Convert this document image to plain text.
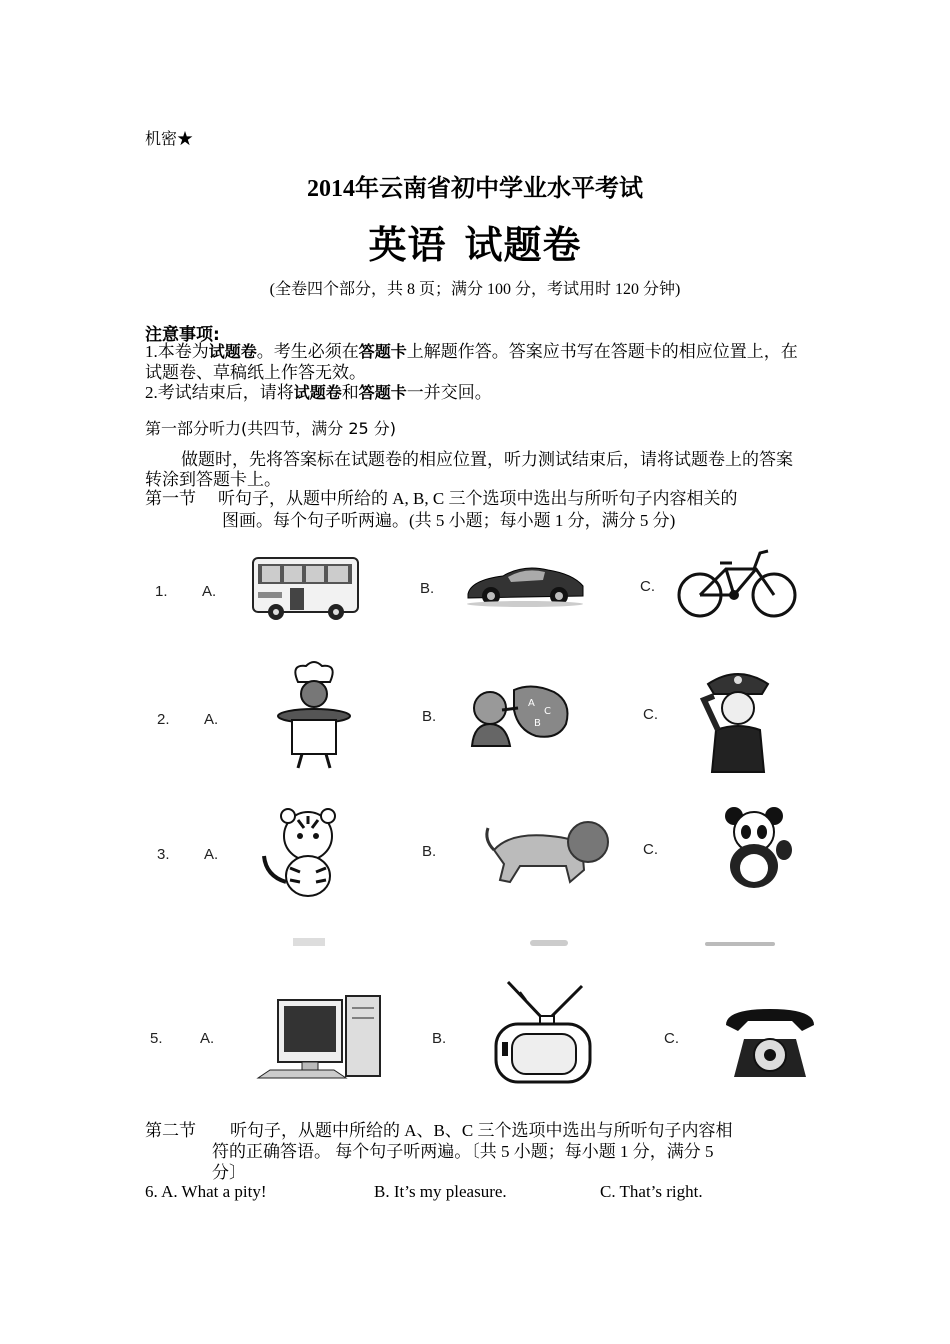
机密★
2014年云南省初中学业水平考试
英语 试题卷
(全卷四个部分，共 8 页；满分 100 分，考试用时 120 分钟)
注意事项:
1.本卷为试题卷。考生必须在答题卡上解题作答。答案应书写在答题卡的相应位置上，在试题卷、草稿纸上作答无效。
2.考试结束后，请将试题卷和答题卡一并交回。
第一部分听力(共四节，满分 25 分)
做题时，先将答案标在试题卷的相应位置，听力测试结束后，请将试题卷上的答案转涂到答题卡上。
第一节 听句子，从题中所给的 A, B, C 三个选项中选出与所听句子内容相关的
图画。每个句子听两遍。(共 5 小题；每小题 1 分，满分 5 分)
1. A.	B.	C.
2. A.	B.	C.
A
C
B
3. A.	B.	C.
5. A.	B.	C.
第二节 听句子，从题中所给的 A、B、C 三个选项中选出与所听句子内容相
符的正确答语。 每个句子听两遍。〔共 5 小题；每小题 1 分，满分 5
分〕
6. A. What a pity!	B. It’s my pleasure.	C. That’s right.
